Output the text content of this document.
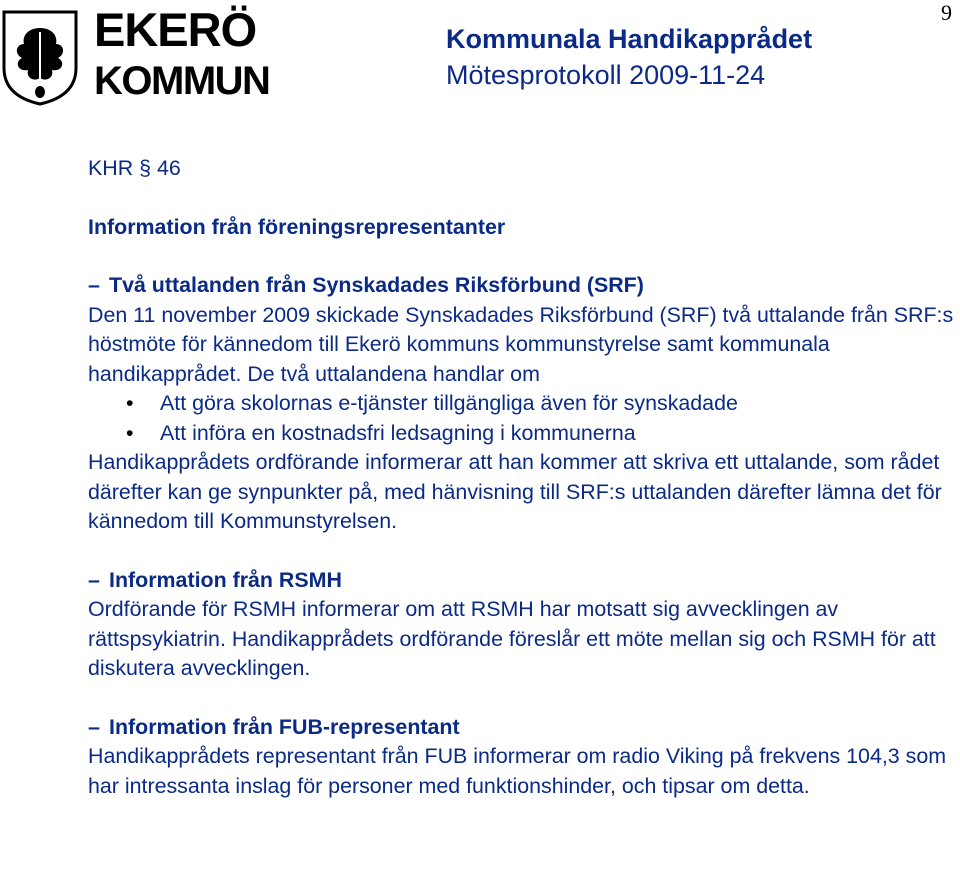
9
EKERÖ
KOMMUN
Kommunala Handikapprådet
Mötesprotokoll 2009-11-24

KHR § 46

Information från föreningsrepresentanter

– Två uttalanden från Synskadades Riksförbund (SRF)

Den 11 november 2009 skickade Synskadades Riksförbund (SRF) två uttalande från SRF:s höstmöte för kännedom till Ekerö kommuns kommunstyrelse samt kommunala handikapprådet. De två uttalandena handlar om

• Att göra skolornas e-tjänster tillgängliga även för synskadade
• Att införa en kostnadsfri ledsagning i kommunerna

Handikapprådets ordförande informerar att han kommer att skriva ett uttalande, som rådet därefter kan ge synpunkter på, med hänvisning till SRF:s uttalanden därefter lämna det för kännedom till Kommunstyrelsen.

– Information från RSMH

Ordförande för RSMH informerar om att RSMH har motsatt sig avvecklingen av rättspsykiatrin. Handikapprådets ordförande föreslår ett möte mellan sig och RSMH för att diskutera avvecklingen.

– Information från FUB-representant

Handikapprådets representant från FUB informerar om radio Viking på frekvens 104,3 som har intressanta inslag för personer med funktionshinder, och tipsar om detta.
